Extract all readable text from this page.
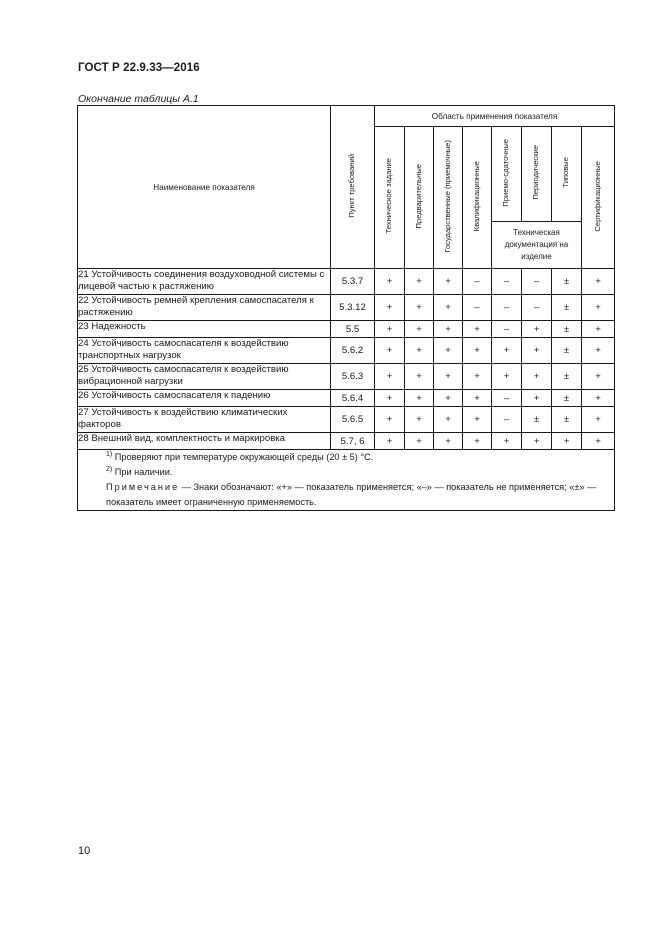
ГОСТ Р 22.9.33—2016
Окончание таблицы А.1
Наименование показателя	Пункт требований	Область применения показателя							
		Техническое задание	Предварительные	Государственные (приемочные)	Квалификационные	Приемо-сдаточные	Периодические	Типовые	Сертификационные
						Техническая документация на изделие			
21 Устойчивость соединения воздуховодной системы с лицевой частью к растяжению	5.3.7	+	+	+	–	–	–	±	+
22 Устойчивость ремней крепления самоспасателя к растяжению	5.3.12	+	+	+	–	–	–	±	+
23 Надежность	5.5	+	+	+	+	–	+	±	+
24 Устойчивость самоспасателя к воздействию транспортных нагрузок	5.6.2	+	+	+	+	+	+	±	+
25 Устойчивость самоспасателя к воздействию вибрационной нагрузки	5.6.3	+	+	+	+	+	+	±	+
26 Устойчивость самоспасателя к падению	5.6.4	+	+	+	+	–	+	±	+
27 Устойчивость к воздействию климатических факторов	5.6.5	+	+	+	+	–	±	±	+
28 Внешний вид, комплектность и маркировка	5.7, 6	+	+	+	+	+	+	+	+

$^{1)}$ Проверяют при температуре окружающей среды (20 ± 5) °С.
$^{2)}$ При наличии.
Примечание — Знаки обозначают: «+» — показатель применяется; «–» — показатель не применяется; «±» — показатель имеет ограниченную применяемость.									
10
